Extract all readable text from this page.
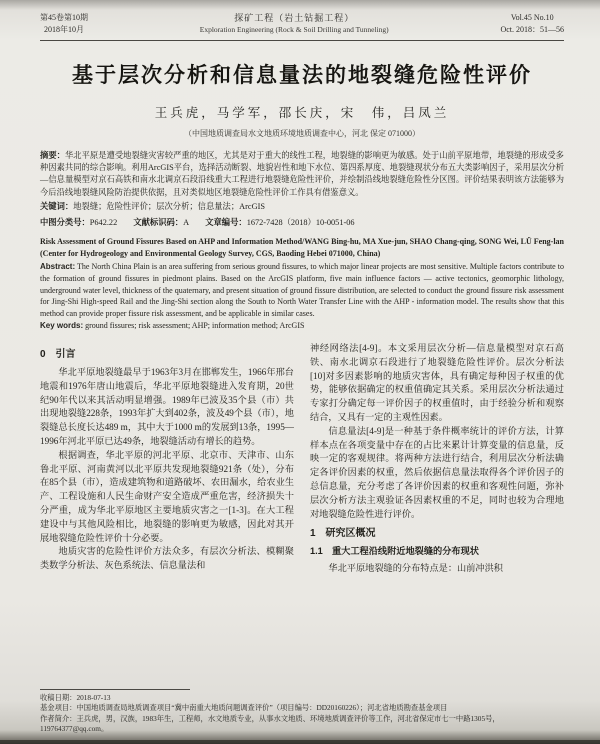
第45卷第10期
2018年10月
探矿工程（岩土钻掘工程）
Exploration Engineering (Rock & Soil Drilling and Tunneling)
Vol.45 No.10
Oct. 2018：51—56
基于层次分析和信息量法的地裂缝危险性评价
王兵虎，马学军，邵长庆，宋　伟，吕凤兰
（中国地质调查局水文地质环境地质调查中心，河北 保定 071000）

摘要：华北平原是遭受地裂缝灾害较严重的地区，尤其是对于重大的线性工程，地裂缝的影响更为敏感。处于山前平原地带，地裂缝的形成受多种因素共同的综合影响。利用ArcGIS平台，选择活动断裂、地貌岩性和地下水位、第四系厚度、地裂缝现状分布五大类影响因子，采用层次分析—信息量模型对京石高铁和南水北调京石段沿线重大工程进行地裂缝危险性评价，并绘制沿线地裂缝危险性分区图。评价结果表明该方法能够为今后沿线地裂缝风险防治提供依据，且对类似地区地裂缝危险性评价工作具有借鉴意义。

关键词：地裂缝；危险性评价；层次分析；信息量法；ArcGIS

中图分类号：P642.22 文献标识码：A 文章编号：1672-7428（2018）10-0051-06

Risk Assessment of Ground Fissures Based on AHP and Information Method/WANG Bing-hu, MA Xue-jun, SHAO Chang-qing, SONG Wei, LÜ Feng-lan (Center for Hydrogeology and Environmental Geology Survey, CGS, Baoding Hebei 071000, China)

Abstract: The North China Plain is an area suffering from serious ground fissures, to which major linear projects are most sensitive. Multiple factors contribute to the formation of ground fissures in piedmont plains. Based on the ArcGIS platform, five main influence factors — active tectonics, geomorphic lithology, underground water level, thickness of the quaternary, and present situation of ground fissure distribution, are selected to conduct the ground fissure risk assessment for Jing-Shi High-speed Rail and the Jing-Shi section along the South to North Water Transfer Line with the AHP - information model. The results show that this method can provide proper fissure risk assessment, and be applicable in similar cases.

Key words: ground fissures; risk assessment; AHP; information method; ArcGIS

0　引言

华北平原地裂缝最早于1963年3月在邯郸发生，1966年邢台地震和1976年唐山地震后，华北平原地裂缝进入发育期，20世纪90年代以来其活动明显增强。1989年已波及35个县（市）共出现地裂缝228条，1993年扩大到402条，波及49个县（市），地裂缝总长度长达489 m，其中大于1000 m的发展到13条，1995—1996年河北平原已达49条，地裂缝活动有增长的趋势。

根据调查，华北平原的河北平原、北京市、天津市、山东鲁北平原、河南黄河以北平原共发现地裂缝921条（处），分布在85个县（市），造成建筑物和道路破坏、农田漏水，给农业生产、工程设施和人民生命财产安全造成严重危害，经济损失十分严重，成为华北平原地区主要地质灾害之一[1-3]。在大工程建设中与其他风险相比，地裂缝的影响更为敏感，因此对其开展地裂缝危险性评价十分必要。

地质灾害的危险性评价方法众多，有层次分析法、模糊聚类数学分析法、灰色系统法、信息量法和

神经网络法[4-9]。本文采用层次分析—信息量模型对京石高铁、南水北调京石段进行了地裂缝危险性评价。层次分析法[10]对多因素影响的地质灾害体，具有确定每种因子权重的优势，能够依据确定的权重值确定其关系。采用层次分析法通过专家打分确定每一评价因子的权重值时，由于经验分析和观察结合，又具有一定的主观性因素。

信息量法[4-9]是一种基于条件概率统计的评价方法，计算样本点在各项变量中存在的占比来累计计算变量的信息量，反映一定的客观规律。将两种方法进行结合，利用层次分析法确定各评价因素的权重，然后依据信息量法取得各个评价因子的总信息量，充分考虑了各评价因素的权重和客观性问题，弥补层次分析方法主观验证各因素权重的不足，同时也较为合理地对地裂缝危险性进行评价。

1　研究区概况
1.1　重大工程沿线附近地裂缝的分布现状

华北平原地裂缝的分布特点是：山前冲洪积

收稿日期：2018-07-13

基金项目：中国地质调查局地质调查项目“冀中南重大地质问题调查评价”（项目编号：DD20160226）；河北省地质勘查基金项目

作者简介：王兵虎，男，汉族，1983年生，工程师，水文地质专业，从事水文地质、环境地质调查评价等工作，河北省保定市七一中路1305号，

119764377@qq.com。
